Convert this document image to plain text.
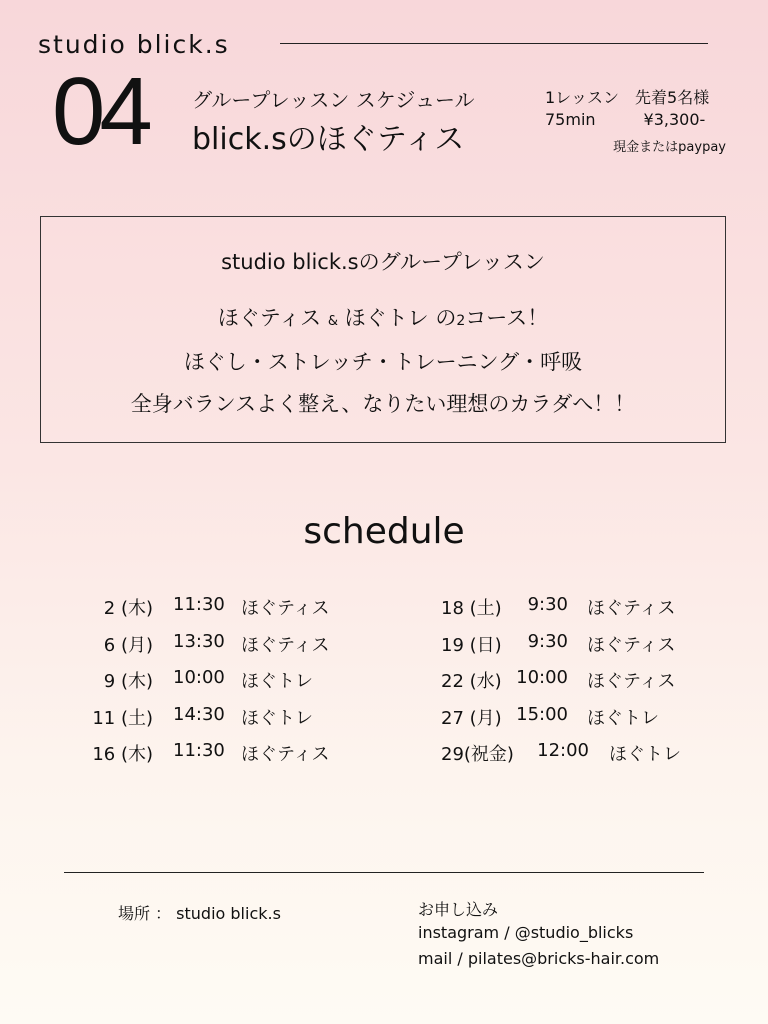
studio blick.s
04 グループレッスン スケジュール
blick.sのほぐティス
1レッスン　先着5名様
75min	¥3,300-
現金またはpaypay
studio blick.sのグループレッスン
ほぐティス & ほぐトレ の2コース！
ほぐし・ストレッチ・トレーニング・呼吸
全身バランスよく整え、なりたい理想のカラダへ！！
schedule
2 (木) 11:30 ほぐティス
6 (月) 13:30 ほぐティス
9 (木) 10:00 ほぐトレ
11 (土) 14:30 ほぐトレ
16 (木) 11:30 ほぐティス
18 (土)	9:30 ほぐティス
19 (日)	9:30 ほぐティス
22 (水) 10:00 ほぐティス
27 (月) 15:00 ほぐトレ
29(祝金)	12:00 ほぐトレ
場所 ： studio blick.s	お申し込み
instagram / @studio_blicks
mail / pilates@bricks-hair.com
